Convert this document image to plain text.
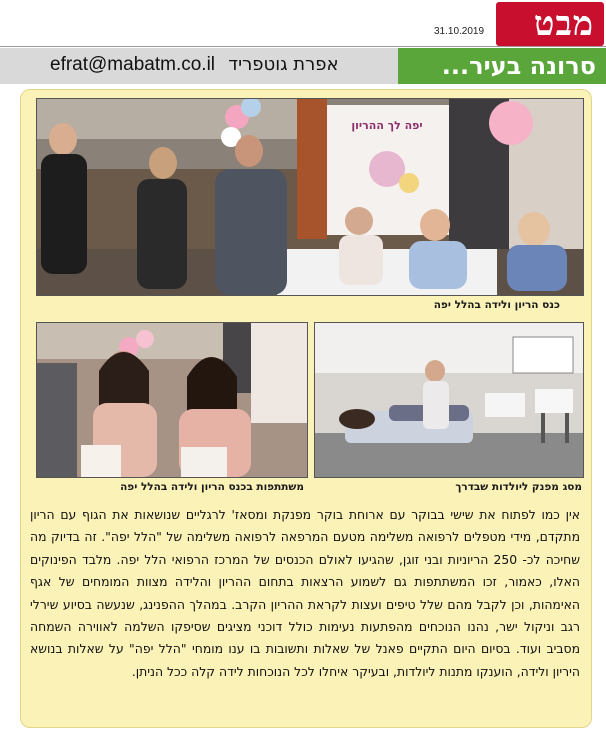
31.10.2019 מבט
efrat@mabatm.co.il אפרת גוטפריד	סרונה בעיר...
יפה לך ההריון
כנס הריון ולידה בהלל יפה
מסג מפנק ליולדות שבדרך
משתתפות בכנס הריון ולידה בהלל יפה

אין כמו לפתוח את שישי בבוקר עם ארוחת בוקר מפנקת ומסאז' לרגליים שנושאות את הגוף עם הריון מתקדם, מידי מטפלים לרפואה משלימה מטעם המרפאה לרפואה משלימה של "הלל יפה". זה בדיוק מה שחיכה לכ- 250 הריוניות ובני זוגן, שהגיעו לאולם הכנסים של המרכז הרפואי הלל יפה. מלבד הפינוקים האלו, כאמור, זכו המשתתפות גם לשמוע הרצאות בתחום ההריון והלידה מצוות המומחים של אגף האימהות, וכן לקבל מהם שלל טיפים ועצות לקראת ההריון הקרב. במהלך ההפנינג, שנעשה בסיוע שירלי רגב וניקול ישר, נהנו הנוכחים מהפתעות נעימות כולל דוכני מציגים שסיפקו השלמה לאווירה השמחה מסביב ועוד. בסיום היום התקיים פאנל של שאלות ותשובות בו ענו מומחי "הלל יפה" על שאלות בנושא היריון ולידה, הוענקו מתנות ליולדות, ובעיקר איחלו לכל הנוכחות לידה קלה ככל הניתן.
